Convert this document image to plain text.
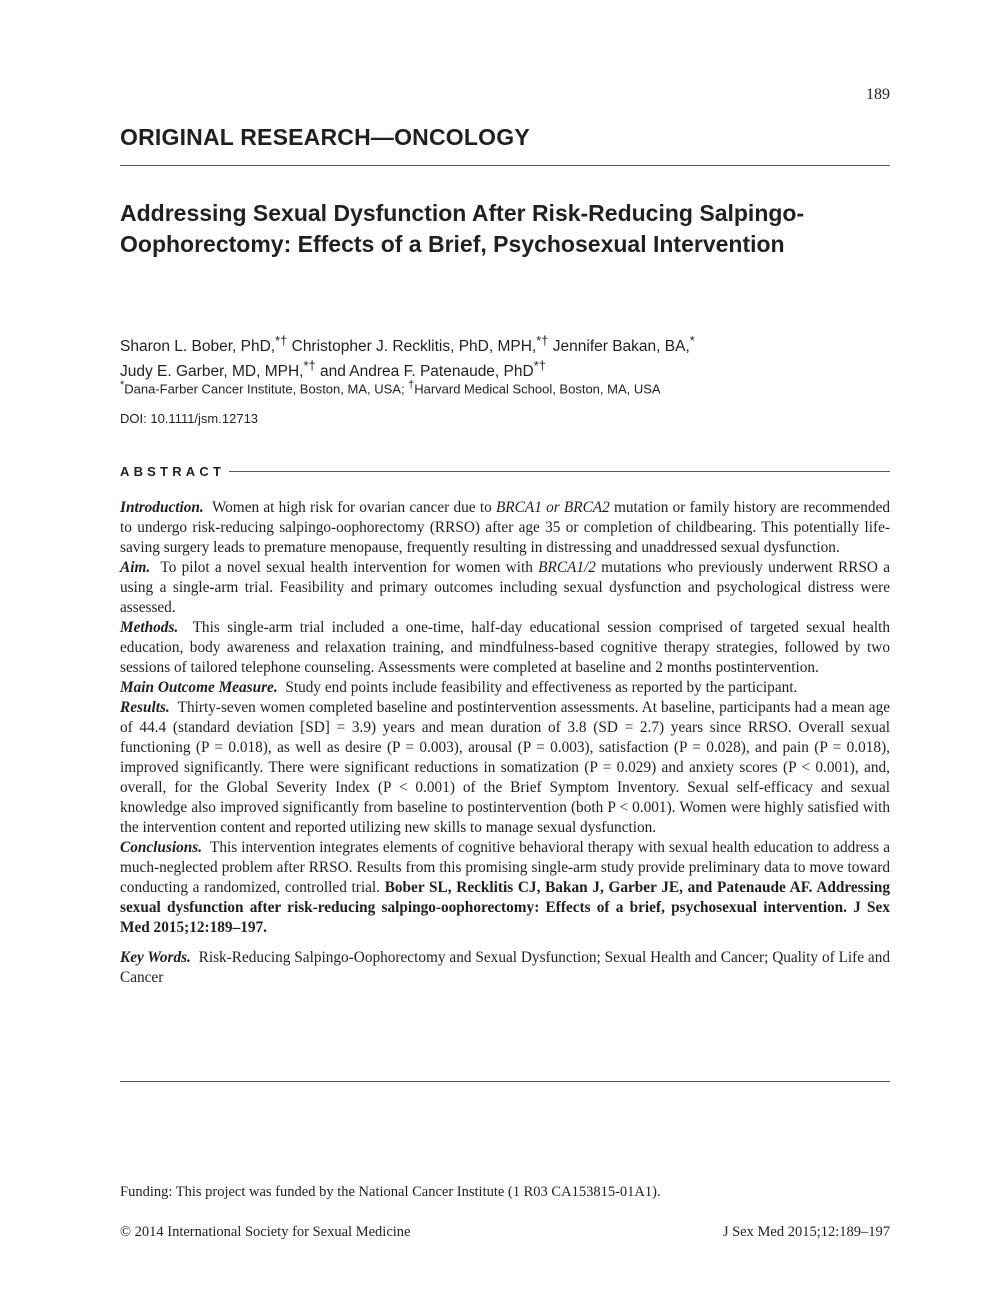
189
ORIGINAL RESEARCH—ONCOLOGY
Addressing Sexual Dysfunction After Risk-Reducing Salpingo-Oophorectomy: Effects of a Brief, Psychosexual Intervention
Sharon L. Bober, PhD,*† Christopher J. Recklitis, PhD, MPH,*† Jennifer Bakan, BA,*
Judy E. Garber, MD, MPH,*† and Andrea F. Patenaude, PhD*†
*Dana-Farber Cancer Institute, Boston, MA, USA; †Harvard Medical School, Boston, MA, USA
DOI: 10.1111/jsm.12713
ABSTRACT

Introduction. Women at high risk for ovarian cancer due to BRCA1 or BRCA2 mutation or family history are recommended to undergo risk-reducing salpingo-oophorectomy (RRSO) after age 35 or completion of childbearing. This potentially life-saving surgery leads to premature menopause, frequently resulting in distressing and unaddressed sexual dysfunction.

Aim. To pilot a novel sexual health intervention for women with BRCA1/2 mutations who previously underwent RRSO a using a single-arm trial. Feasibility and primary outcomes including sexual dysfunction and psychological distress were assessed.

Methods. This single-arm trial included a one-time, half-day educational session comprised of targeted sexual health education, body awareness and relaxation training, and mindfulness-based cognitive therapy strategies, followed by two sessions of tailored telephone counseling. Assessments were completed at baseline and 2 months postintervention.

Main Outcome Measure. Study end points include feasibility and effectiveness as reported by the participant.

Results. Thirty-seven women completed baseline and postintervention assessments. At baseline, participants had a mean age of 44.4 (standard deviation [SD] = 3.9) years and mean duration of 3.8 (SD = 2.7) years since RRSO. Overall sexual functioning (P = 0.018), as well as desire (P = 0.003), arousal (P = 0.003), satisfaction (P = 0.028), and pain (P = 0.018), improved significantly. There were significant reductions in somatization (P = 0.029) and anxiety scores (P < 0.001), and, overall, for the Global Severity Index (P < 0.001) of the Brief Symptom Inventory. Sexual self-efficacy and sexual knowledge also improved significantly from baseline to postintervention (both P < 0.001). Women were highly satisfied with the intervention content and reported utilizing new skills to manage sexual dysfunction.

Conclusions. This intervention integrates elements of cognitive behavioral therapy with sexual health education to address a much-neglected problem after RRSO. Results from this promising single-arm study provide preliminary data to move toward conducting a randomized, controlled trial. Bober SL, Recklitis CJ, Bakan J, Garber JE, and Patenaude AF. Addressing sexual dysfunction after risk-reducing salpingo-oophorectomy: Effects of a brief, psychosexual intervention. J Sex Med 2015;12:189–197.

Key Words. Risk-Reducing Salpingo-Oophorectomy and Sexual Dysfunction; Sexual Health and Cancer; Quality of Life and Cancer

Funding: This project was funded by the National Cancer Institute (1 R03 CA153815-01A1).
© 2014 International Society for Sexual Medicine	J Sex Med 2015;12:189–197
